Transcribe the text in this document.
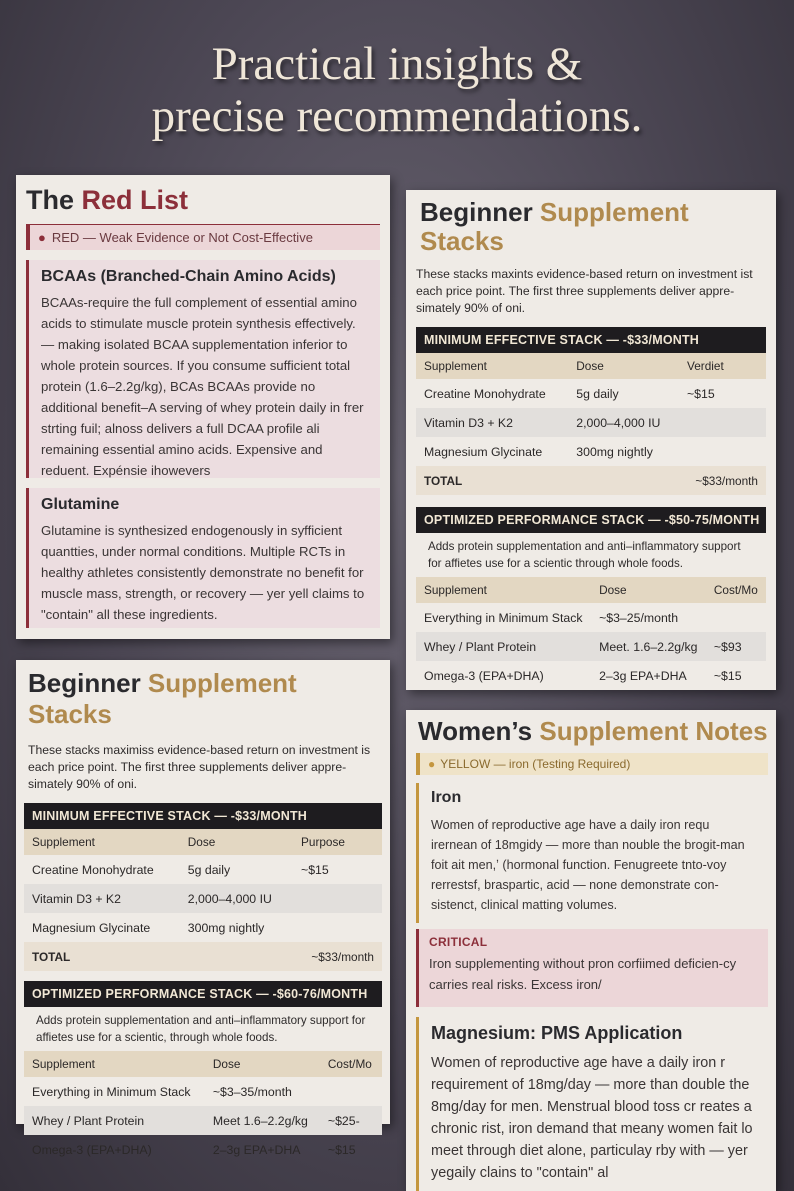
Practical insights &
precise recommendations.
The Red List
● RED — Weak Evidence or Not Cost-Effective
BCAAs (Branched-Chain Amino Acids)

BCAAs-require the full complement of essential amino acids to stimulate muscle protein synthesis effectively. — making isolated BCAA supplementation inferior to whole protein sources. If you consume sufficient total protein (1.6–2.2g/kg), BCAs BCAAs provide no additional benefit–A serving of whey protein daily in frer strting fuil; alnoss delivers a full DCAA profile ali remaining essential amino acids. Expensive and reduent. Expénsie ihowevers

Glutamine

Glutamine is synthesized endogenously in syfficient quantties, under normal conditions. Multiple RCTs in healthy athletes consistently demonstrate no benefit for muscle mass, strength, or recovery — yer yell claims to "contain" all these ingredients.

Beginner Supplement Stacks

These stacks maxints evidence-based return on investment ist each price point. The first three supplements deliver appre-simately 90% of oni.

MINIMUM EFFECTIVE STACK — -$33/MONTH
Supplement	Dose	Verdiet
Creatine Monohydrate	5g daily	~$15
Vitamin D3 + K2	2,000–4,000 IU	
Magnesium Glycinate	300mg nightly	
TOTAL		~$33/month
OPTIMIZED PERFORMANCE STACK — -$50-75/MONTH

Adds protein supplementation and anti–inflammatory support for affietes use for a scientic through whole foods.

Supplement	Dose	Cost/Mo
Everything in Minimum Stack	~$3–25/month	
Whey / Plant Protein	Meet. 1.6–2.2g/kg	~$93
Omega-3 (EPA+DHA)	2–3g EPA+DHA	~$15
Beginner Supplement Stacks

These stacks maximiss evidence-based return on investment is each price point. The first three supplements deliver appre-simately 90% of oni.

MINIMUM EFFECTIVE STACK — -$33/MONTH
Supplement	Dose	Purpose
Creatine Monohydrate	5g daily	~$15
Vitamin D3 + K2	2,000–4,000 IU	
Magnesium Glycinate	300mg nightly	
TOTAL		~$33/month
OPTIMIZED PERFORMANCE STACK — -$60-76/MONTH

Adds protein supplementation and anti–inflammatory support for affietes use for a scientic, through whole foods.

Supplement	Dose	Cost/Mo
Everything in Minimum Stack	~$3–35/month	
Whey / Plant Protein	Meet 1.6–2.2g/kg	~$25-
Omega-3 (EPA+DHA)	2–3g EPA+DHA	~$15
Women’s Supplement Notes
● YELLOW — iron (Testing Required)
Iron

Women of reproductive age have a daily iron requ irernean of 18mgidy — more than nouble the brogit-man foit ait men,ʼ (hormonal function. Fenugreete tnto-voy rerrestsf, braspartic, acid — none demonstrate con-sistenct, clinical matting volumes.

CRITICAL

Iron supplementing without pron corfiimed deficien-cy carries real risks. Excess iron/

Magnesium: PMS Application

Women of reproductive age have a daily iron r requirement of 18mg/day — more than double the 8mg/day for men. Menstrual blood toss cr reates a chronic rist, iron demand that meany women fait lo meet through diet alone, particulay rby with — yer yegaily clains to "contain" al
